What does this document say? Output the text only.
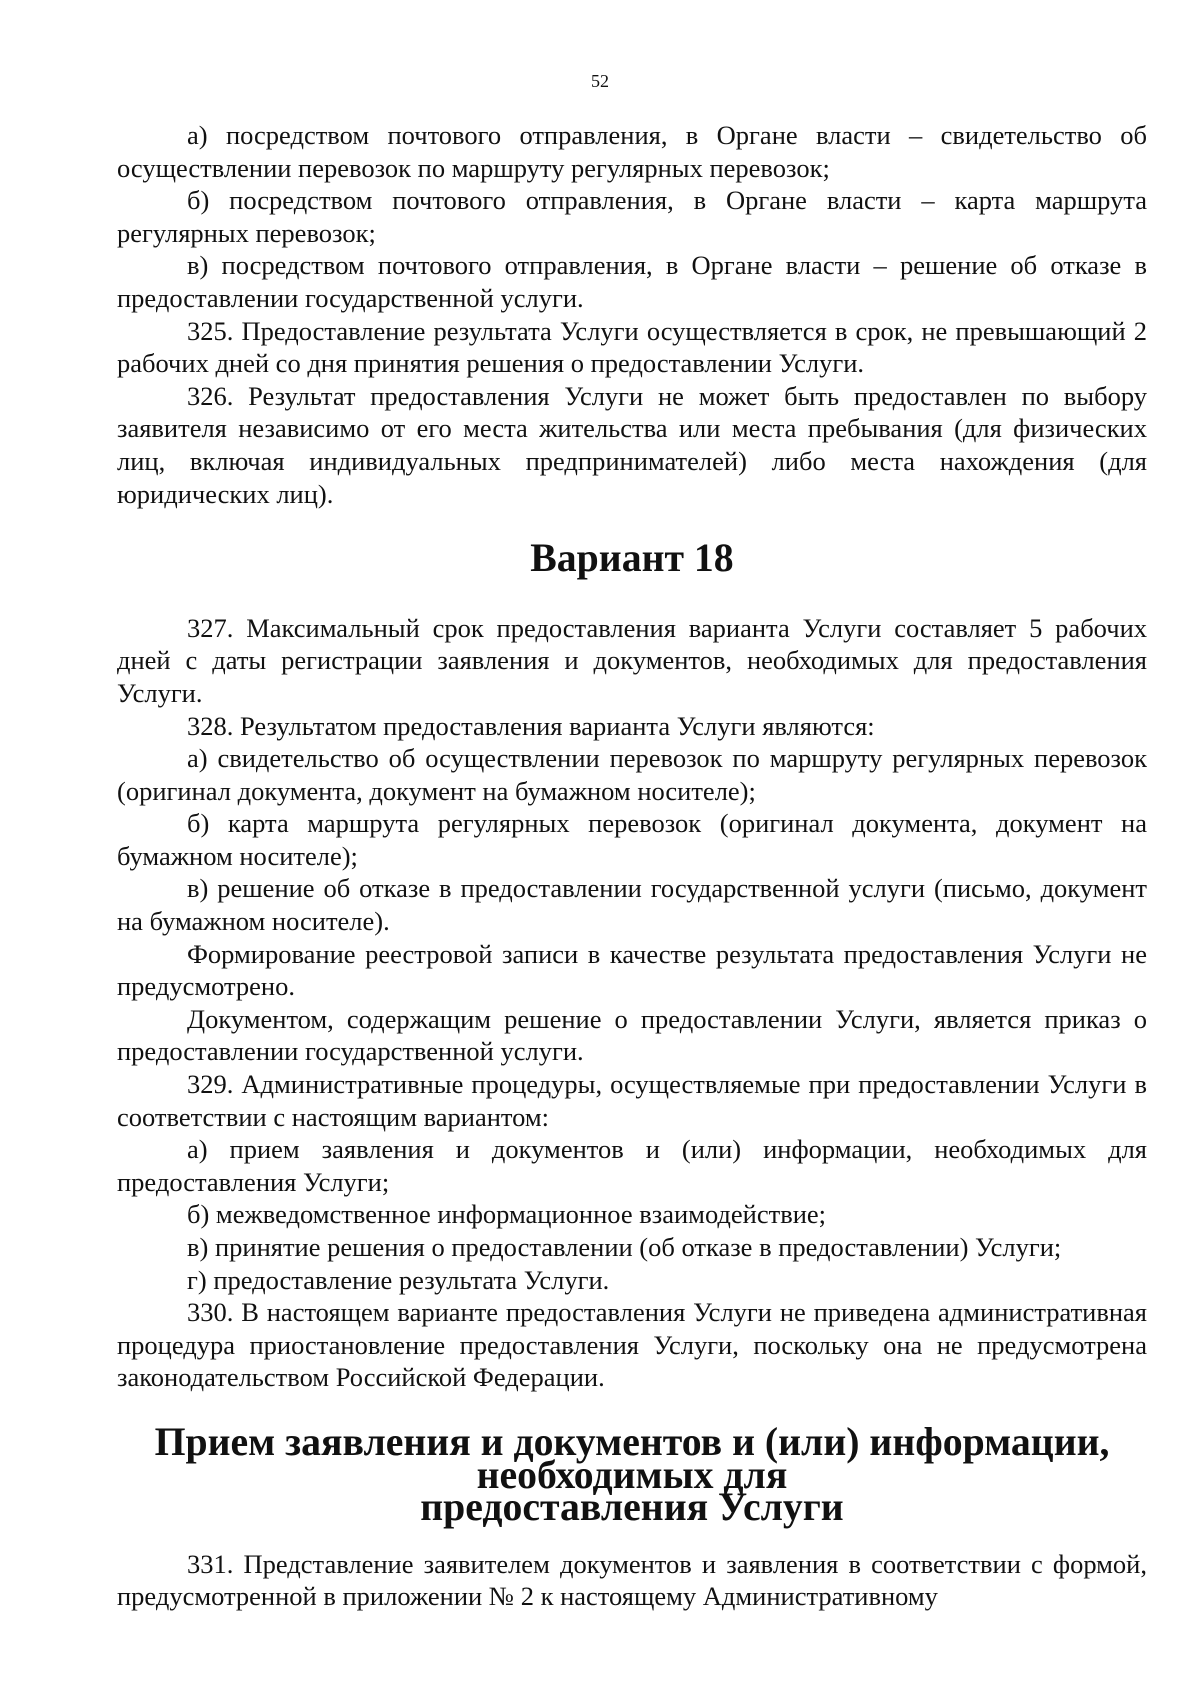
52

а) посредством почтового отправления, в Органе власти – свидетельство об осуществлении перевозок по маршруту регулярных перевозок;

б) посредством почтового отправления, в Органе власти – карта маршрута регулярных перевозок;

в) посредством почтового отправления, в Органе власти – решение об отказе в предоставлении государственной услуги.

325. Предоставление результата Услуги осуществляется в срок, не превышающий 2 рабочих дней со дня принятия решения о предоставлении Услуги.

326. Результат предоставления Услуги не может быть предоставлен по выбору заявителя независимо от его места жительства или места пребывания (для физических лиц, включая индивидуальных предпринимателей) либо места нахождения (для юридических лиц).

Вариант 18

327. Максимальный срок предоставления варианта Услуги составляет 5 рабочих дней с даты регистрации заявления и документов, необходимых для предоставления Услуги.

328. Результатом предоставления варианта Услуги являются:

а) свидетельство об осуществлении перевозок по маршруту регулярных перевозок (оригинал документа, документ на бумажном носителе);

б) карта маршрута регулярных перевозок (оригинал документа, документ на бумажном носителе);

в) решение об отказе в предоставлении государственной услуги (письмо, документ на бумажном носителе).

Формирование реестровой записи в качестве результата предоставления Услуги не предусмотрено.

Документом, содержащим решение о предоставлении Услуги, является приказ о предоставлении государственной услуги.

329. Административные процедуры, осуществляемые при предоставлении Услуги в соответствии с настоящим вариантом:

а) прием заявления и документов и (или) информации, необходимых для предоставления Услуги;

б) межведомственное информационное взаимодействие;

в) принятие решения о предоставлении (об отказе в предоставлении) Услуги;

г) предоставление результата Услуги.

330. В настоящем варианте предоставления Услуги не приведена административная процедура приостановление предоставления Услуги, поскольку она не предусмотрена законодательством Российской Федерации.

Прием заявления и документов и (или) информации, необходимых для
предоставления Услуги

331. Представление заявителем документов и заявления в соответствии с формой, предусмотренной в приложении № 2 к настоящему Административному
